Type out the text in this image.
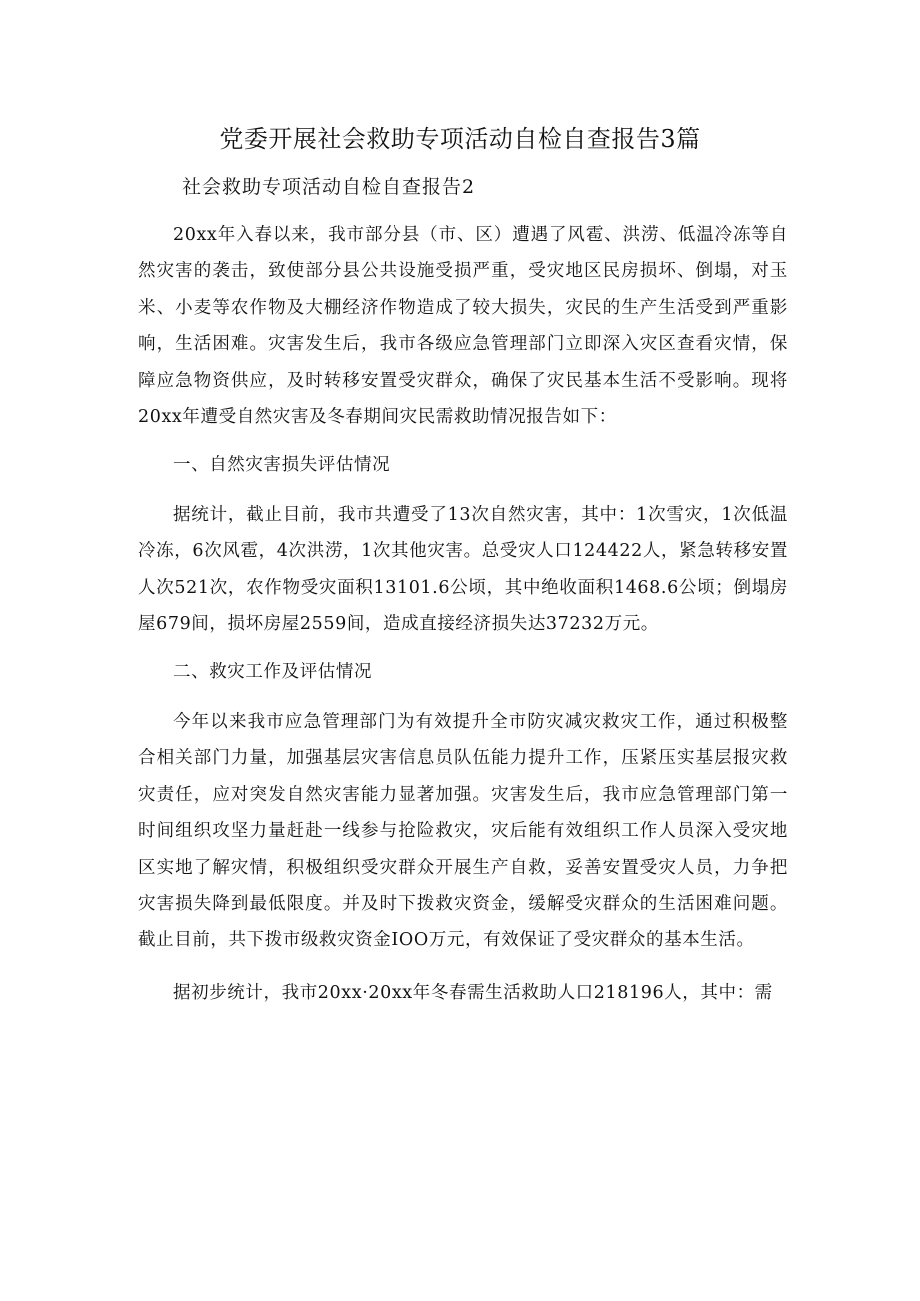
党委开展社会救助专项活动自检自查报告3篇

社会救助专项活动自检自查报告2

20xx年入春以来，我市部分县（市、区）遭遇了风雹、洪涝、低温冷冻等自然灾害的袭击，致使部分县公共设施受损严重，受灾地区民房损坏、倒塌，对玉米、小麦等农作物及大棚经济作物造成了较大损失，灾民的生产生活受到严重影响，生活困难。灾害发生后，我市各级应急管理部门立即深入灾区查看灾情，保障应急物资供应，及时转移安置受灾群众，确保了灾民基本生活不受影响。现将20xx年遭受自然灾害及冬春期间灾民需救助情况报告如下：

一、自然灾害损失评估情况

据统计，截止目前，我市共遭受了13次自然灾害，其中：1次雪灾，1次低温冷冻，6次风雹，4次洪涝，1次其他灾害。总受灾人口124422人，紧急转移安置人次521次，农作物受灾面积13101.6公顷，其中绝收面积1468.6公顷；倒塌房屋679间，损坏房屋2559间，造成直接经济损失达37232万元。

二、救灾工作及评估情况

今年以来我市应急管理部门为有效提升全市防灾减灾救灾工作，通过积极整合相关部门力量，加强基层灾害信息员队伍能力提升工作，压紧压实基层报灾救灾责任，应对突发自然灾害能力显著加强。灾害发生后，我市应急管理部门第一时间组织攻坚力量赶赴一线参与抢险救灾，灾后能有效组织工作人员深入受灾地区实地了解灾情，积极组织受灾群众开展生产自救，妥善安置受灾人员，力争把灾害损失降到最低限度。并及时下拨救灾资金，缓解受灾群众的生活困难问题。截止目前，共下拨市级救灾资金IOO万元，有效保证了受灾群众的基本生活。

据初步统计，我市20xx·20xx年冬春需生活救助人口218196人，其中：需
